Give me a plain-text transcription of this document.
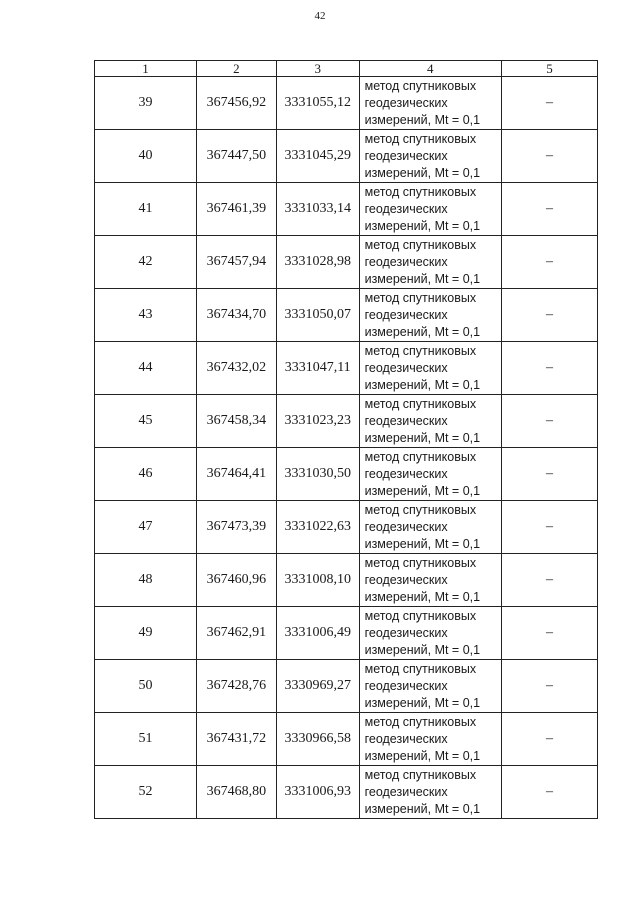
42
1	2	3	4	5
39	367456,92	3331055,12	метод спутниковых
геодезических
измерений, Mt = 0,1	–
40	367447,50	3331045,29	метод спутниковых
геодезических
измерений, Mt = 0,1	–
41	367461,39	3331033,14	метод спутниковых
геодезических
измерений, Mt = 0,1	–
42	367457,94	3331028,98	метод спутниковых
геодезических
измерений, Mt = 0,1	–
43	367434,70	3331050,07	метод спутниковых
геодезических
измерений, Mt = 0,1	–
44	367432,02	3331047,11	метод спутниковых
геодезических
измерений, Mt = 0,1	–
45	367458,34	3331023,23	метод спутниковых
геодезических
измерений, Mt = 0,1	–
46	367464,41	3331030,50	метод спутниковых
геодезических
измерений, Mt = 0,1	–
47	367473,39	3331022,63	метод спутниковых
геодезических
измерений, Mt = 0,1	–
48	367460,96	3331008,10	метод спутниковых
геодезических
измерений, Mt = 0,1	–
49	367462,91	3331006,49	метод спутниковых
геодезических
измерений, Mt = 0,1	–
50	367428,76	3330969,27	метод спутниковых
геодезических
измерений, Mt = 0,1	–
51	367431,72	3330966,58	метод спутниковых
геодезических
измерений, Mt = 0,1	–
52	367468,80	3331006,93	метод спутниковых
геодезических
измерений, Mt = 0,1	–
